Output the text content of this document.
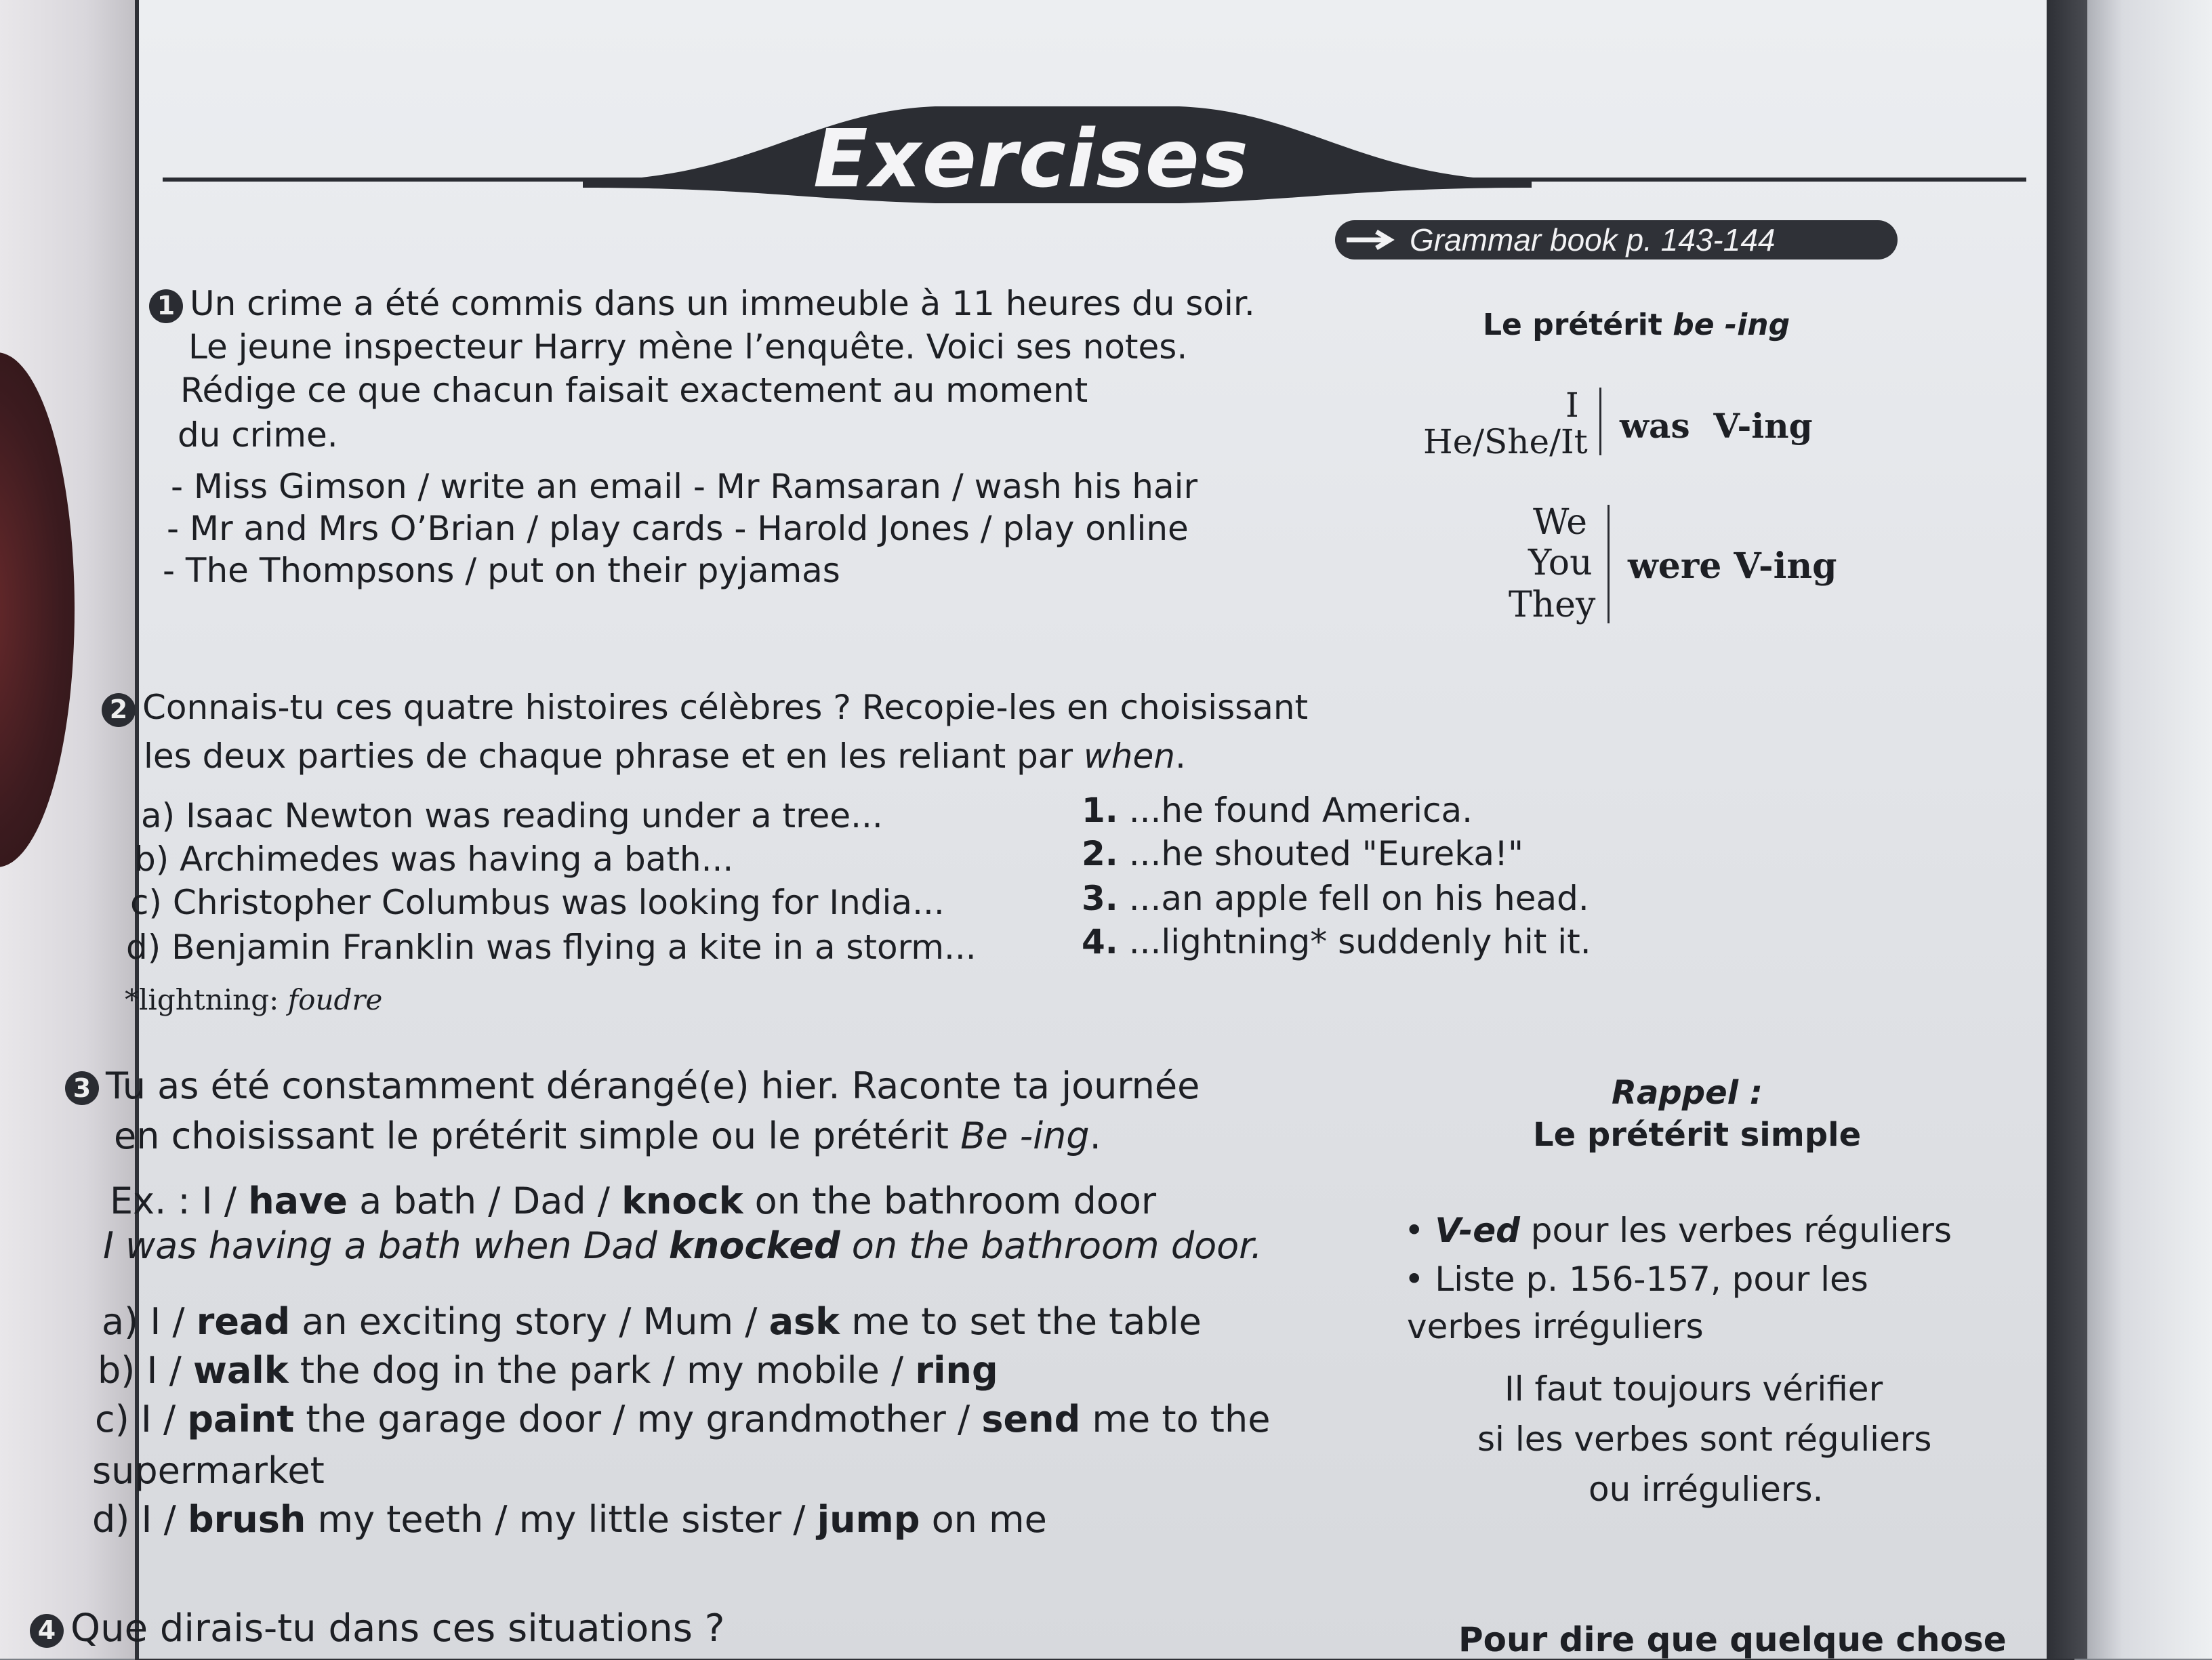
Exercises
Grammar book p. 143-144
1 Un crime a été commis dans un immeuble à 11 heures du soir.
Le jeune inspecteur Harry mène l’enquête. Voici ses notes.
Rédige ce que chacun faisait exactement au moment
du crime.
- Miss Gimson / write an email - Mr Ramsaran / wash his hair
- Mr and Mrs O’Brian / play cards - Harold Jones / play online
- The Thompsons / put on their pyjamas
Le prétérit be -ing
I
He/She/It was  V-ing
We
You
They
were V-ing
2 Connais-tu ces quatre histoires célèbres ? Recopie-les en choisissant
les deux parties de chaque phrase et en les reliant par when.
a) Isaac Newton was reading under a tree...
b) Archimedes was having a bath...
c) Christopher Columbus was looking for India...
d) Benjamin Franklin was flying a kite in a storm...
1. ...he found America.
2. ...he shouted "Eureka!"
3. ...an apple fell on his head.
4. ...lightning* suddenly hit it.
*lightning: foudre
3 Tu as été constamment dérangé(e) hier. Raconte ta journée
en choisissant le prétérit simple ou le prétérit Be -ing.
Ex. : I / have a bath / Dad / knock on the bathroom door
I was having a bath when Dad knocked on the bathroom door.
a) I / read an exciting story / Mum / ask me to set the table
b) I / walk the dog in the park / my mobile / ring
c) I / paint the garage door / my grandmother / send me to the
supermarket
d) I / brush my teeth / my little sister / jump on me
Rappel :
Le prétérit simple
• V-ed pour les verbes réguliers
• Liste p. 156-157, pour les
verbes irréguliers
Il faut toujours vérifier
si les verbes sont réguliers
ou irréguliers.
4 Que dirais-tu dans ces situations ?	Pour dire que quelque chose
